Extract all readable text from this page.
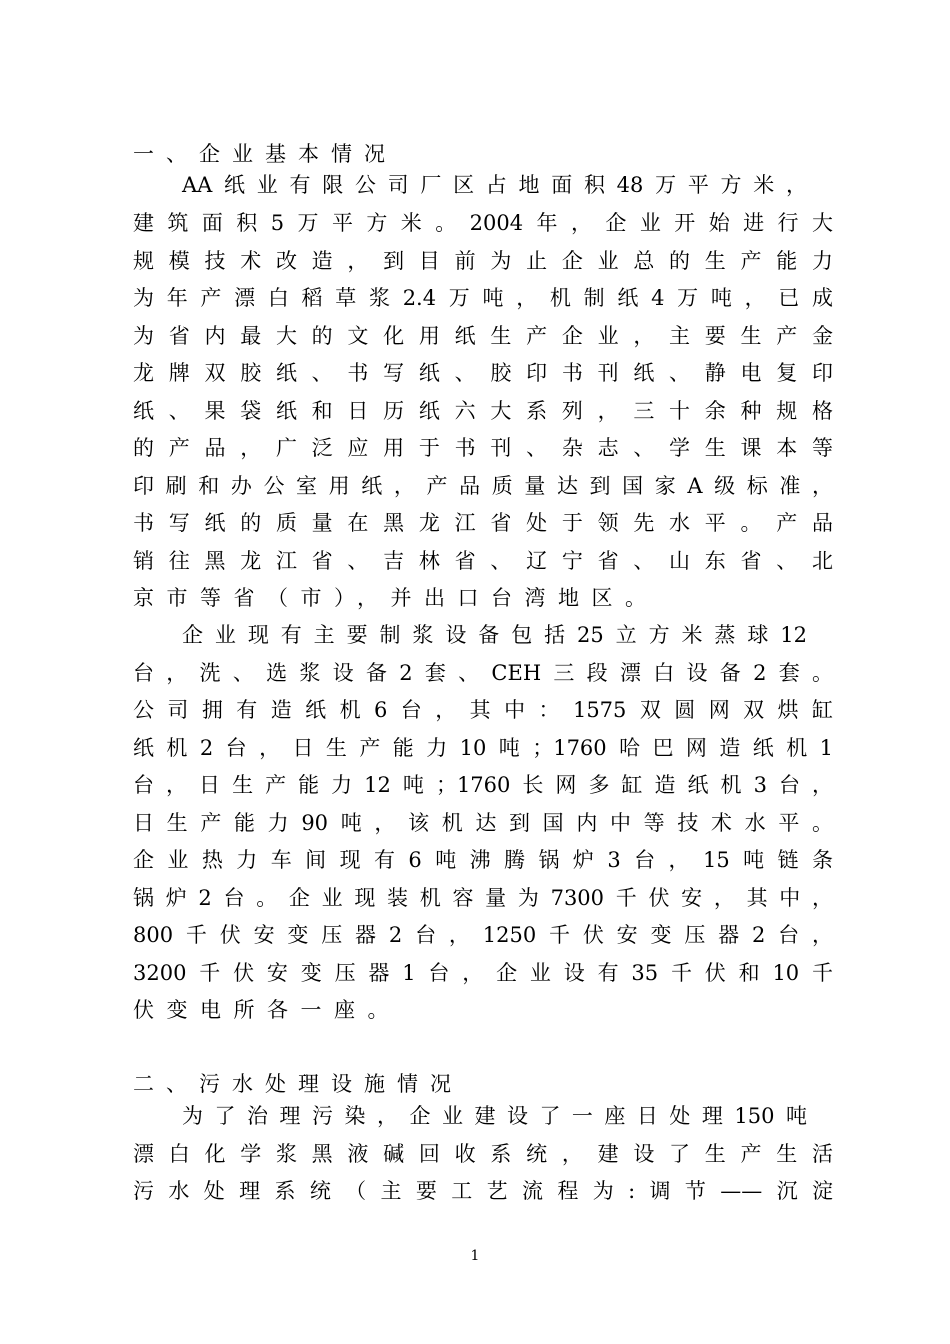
一、企业基本情况
AA纸业有限公司厂区占地面积48万平方米，
建筑面积5万平方米。2004年，企业开始进行大
规模技术改造，到目前为止企业总的生产能力
为年产漂白稻草浆2.4万吨，机制纸4万吨，已成
为省内最大的文化用纸生产企业，主要生产金
龙牌双胶纸、书写纸、胶印书刊纸、静电复印
纸、果袋纸和日历纸六大系列，三十余种规格
的产品，广泛应用于书刊、杂志、学生课本等
印刷和办公室用纸，产品质量达到国家A级标准，
书写纸的质量在黑龙江省处于领先水平。产品
销往黑龙江省、吉林省、辽宁省、山东省、北
京市等省（市），并出口台湾地区。
企业现有主要制浆设备包括25立方米蒸球12
台，洗、选浆设备2套、CEH三段漂白设备2套。
公司拥有造纸机6台，其中：1575双圆网双烘缸
纸机2台，日生产能力10吨；1760哈巴网造纸机1
台，日生产能力12吨；1760长网多缸造纸机3台，
日生产能力90吨，该机达到国内中等技术水平。
企业热力车间现有6吨沸腾锅炉3台，15吨链条
锅炉2台。企业现装机容量为7300千伏安，其中，
800千伏安变压器2台，1250千伏安变压器2台，
3200千伏安变压器1台，企业设有35千伏和10千
伏变电所各一座。
二、污水处理设施情况
为了治理污染，企业建设了一座日处理150吨
漂白化学浆黑液碱回收系统，建设了生产生活
污水处理系统（主要工艺流程为:调节——沉淀
1
